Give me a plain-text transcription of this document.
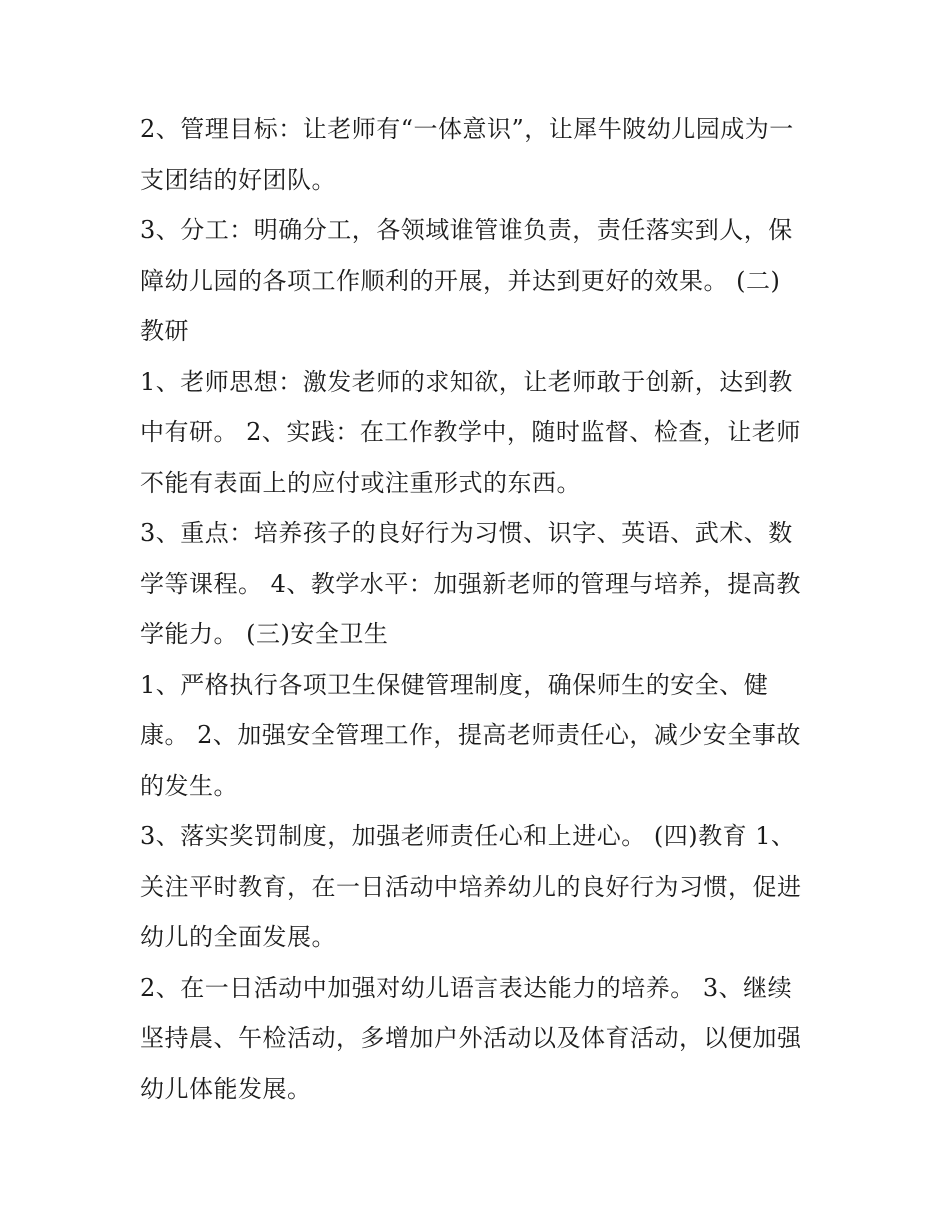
2、管理目标：让老师有“一体意识”，让犀牛陂幼儿园成为一
支团结的好团队。
3、分工：明确分工，各领域谁管谁负责，责任落实到人，保
障幼儿园的各项工作顺利的开展，并达到更好的效果。 (二)
教研
1、老师思想：激发老师的求知欲，让老师敢于创新，达到教
中有研。 2、实践：在工作教学中，随时监督、检查，让老师
不能有表面上的应付或注重形式的东西。
3、重点：培养孩子的良好行为习惯、识字、英语、武术、数
学等课程。 4、教学水平：加强新老师的管理与培养，提高教
学能力。 (三)安全卫生
1、严格执行各项卫生保健管理制度，确保师生的安全、健
康。 2、加强安全管理工作，提高老师责任心，减少安全事故
的发生。
3、落实奖罚制度，加强老师责任心和上进心。 (四)教育 1、
关注平时教育，在一日活动中培养幼儿的良好行为习惯，促进
幼儿的全面发展。
2、在一日活动中加强对幼儿语言表达能力的培养。 3、继续
坚持晨、午检活动，多增加户外活动以及体育活动，以便加强
幼儿体能发展。
